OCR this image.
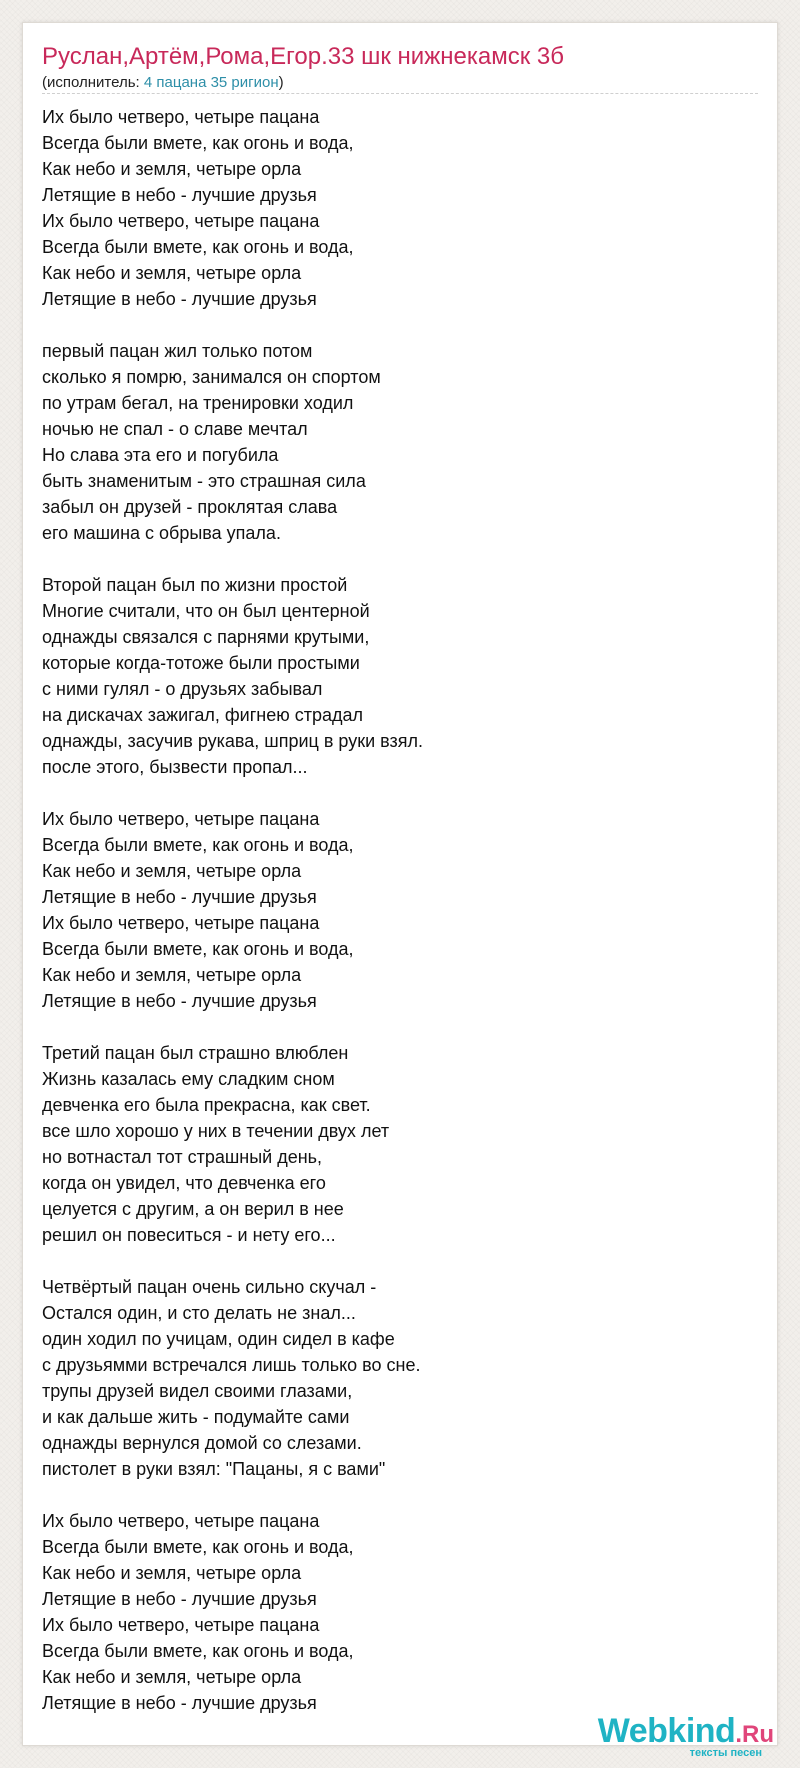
Руслан,Артём,Рома,Егор.33 шк нижнекамск 3б
(исполнитель: 4 пацана 35 ригион)
Их было четверо, четыре пацана
Всегда были вмете, как огонь и вода,
Как небо и земля, четыре орла
Летящие в небо - лучшие друзья
Их было четверо, четыре пацана
Всегда были вмете, как огонь и вода,
Как небо и земля, четыре орла
Летящие в небо - лучшие друзья
первый пацан жил только потом
сколько я помрю, занимался он спортом
по утрам бегал, на тренировки ходил
ночью не спал - о славе мечтал
Но слава эта его и погубила
быть знаменитым - это страшная сила
забыл он друзей - проклятая слава
его машина с обрыва упала.
Второй пацан был по жизни простой
Многие считали, что он был центерной
однажды связался с парнями крутыми,
которые когда-тотоже были простыми
с ними гулял - о друзьях забывал
на дискачах зажигал, фигнею страдал
однажды, засучив рукава, шприц в руки взял.
после этого, бызвести пропал...
Их было четверо, четыре пацана
Всегда были вмете, как огонь и вода,
Как небо и земля, четыре орла
Летящие в небо - лучшие друзья
Их было четверо, четыре пацана
Всегда были вмете, как огонь и вода,
Как небо и земля, четыре орла
Летящие в небо - лучшие друзья
Третий пацан был страшно влюблен
Жизнь казалась ему сладким сном
девченка его была прекрасна, как свет.
все шло хорошо у них в течении двух лет
но вотнастал тот страшный день,
когда он увидел, что девченка его
целуется с другим, а он верил в нее
решил он повеситься - и нету его...
Четвёртый пацан очень сильно скучал -
Остался один, и сто делать не знал...
один ходил по учицам, один сидел в кафе
с друзьямми встречался лишь только во сне.
трупы друзей видел своими глазами,
и как дальше жить - подумайте сами
однажды вернулся домой со слезами.
пистолет в руки взял: "Пацаны, я с вами"
Их было четверо, четыре пацана
Всегда были вмете, как огонь и вода,
Как небо и земля, четыре орла
Летящие в небо - лучшие друзья
Их было четверо, четыре пацана
Всегда были вмете, как огонь и вода,
Как небо и земля, четыре орла
Летящие в небо - лучшие друзья
Webkind.Ru
тексты песен
